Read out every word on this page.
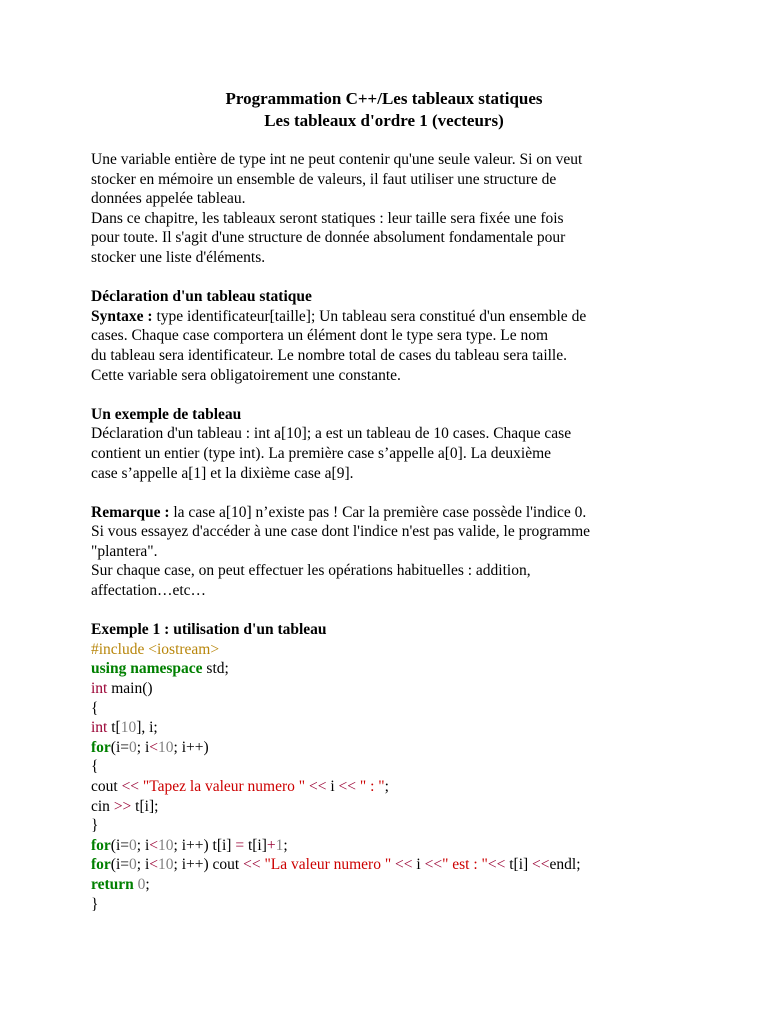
Programmation C++/Les tableaux statiques
Les tableaux d'ordre 1 (vecteurs)
Une variable entière de type int ne peut contenir qu'une seule valeur. Si on veut
stocker en mémoire un ensemble de valeurs, il faut utiliser une structure de
données appelée tableau.
Dans ce chapitre, les tableaux seront statiques : leur taille sera fixée une fois
pour toute. Il s'agit d'une structure de donnée absolument fondamentale pour
stocker une liste d'éléments.
Déclaration d'un tableau statique
Syntaxe : type identificateur[taille]; Un tableau sera constitué d'un ensemble de
cases. Chaque case comportera un élément dont le type sera type. Le nom
du tableau sera identificateur. Le nombre total de cases du tableau sera taille.
Cette variable sera obligatoirement une constante.
Un exemple de tableau
Déclaration d'un tableau : int a[10]; a est un tableau de 10 cases. Chaque case
contient un entier (type int). La première case s’appelle a[0]. La deuxième
case s’appelle a[1] et la dixième case a[9].
Remarque : la case a[10] n’existe pas ! Car la première case possède l'indice 0.
Si vous essayez d'accéder à une case dont l'indice n'est pas valide, le programme
"plantera".
Sur chaque case, on peut effectuer les opérations habituelles : addition,
affectation…etc…
Exemple 1 : utilisation d'un tableau
#include <iostream>
using namespace std;
int main()
{
int t[10], i;
for(i=0; i<10; i++)
{
cout << "Tapez la valeur numero " << i << " : ";
cin >> t[i];
}
for(i=0; i<10; i++) t[i] = t[i]+1;
for(i=0; i<10; i++) cout << "La valeur numero " << i <<" est : "<< t[i] <<endl;
return 0;
}
